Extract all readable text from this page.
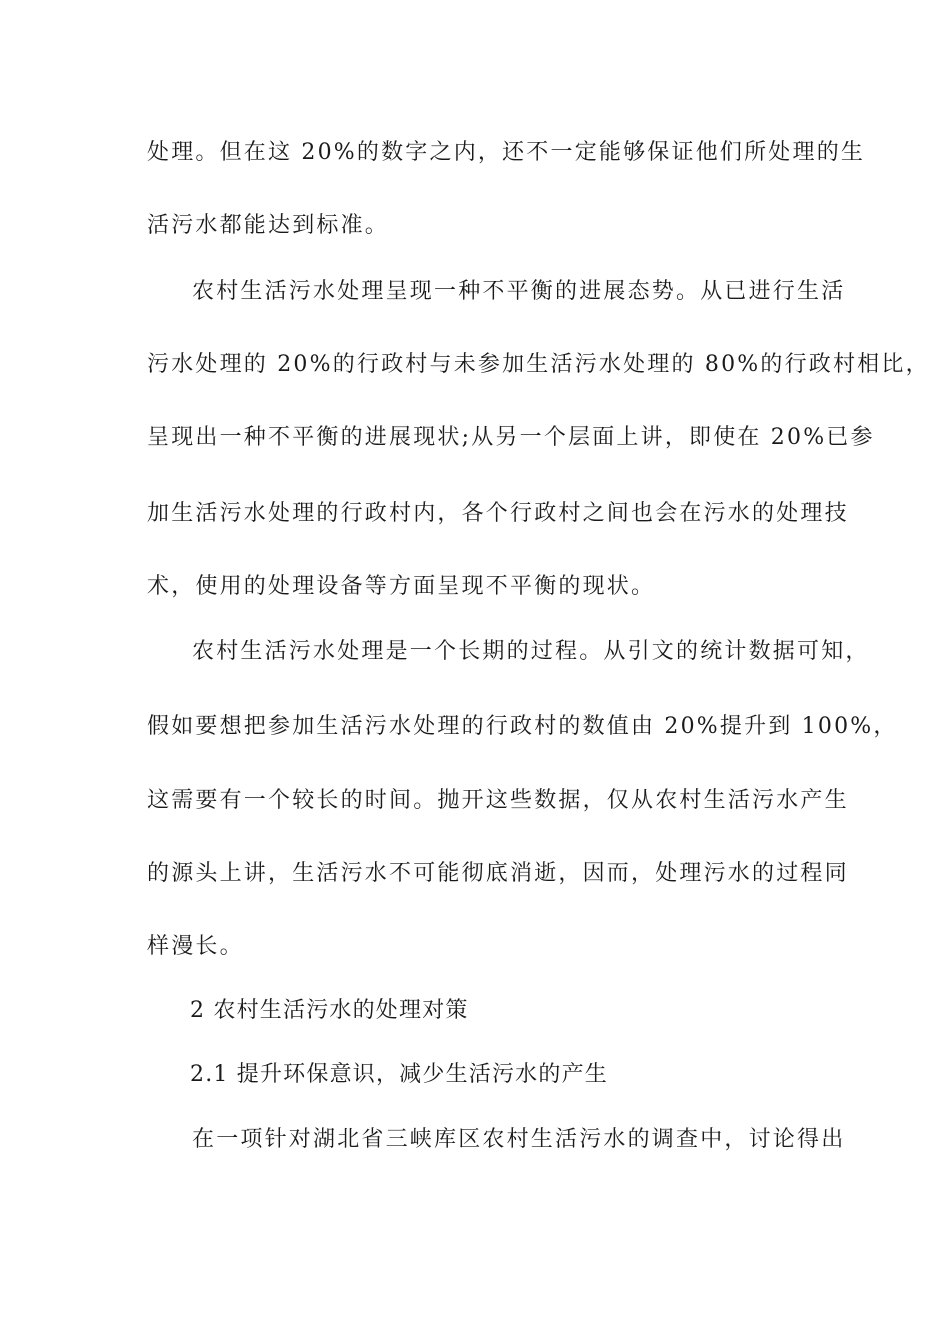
处理。但在这 20%的数字之内，还不一定能够保证他们所处理的生
活污水都能达到标准。
农村生活污水处理呈现一种不平衡的进展态势。从已进行生活
污水处理的 20%的行政村与未参加生活污水处理的 80%的行政村相比，
呈现出一种不平衡的进展现状;从另一个层面上讲，即使在 20%已参
加生活污水处理的行政村内，各个行政村之间也会在污水的处理技
术，使用的处理设备等方面呈现不平衡的现状。
农村生活污水处理是一个长期的过程。从引文的统计数据可知，
假如要想把参加生活污水处理的行政村的数值由 20%提升到 100%，
这需要有一个较长的时间。抛开这些数据，仅从农村生活污水产生
的源头上讲，生活污水不可能彻底消逝，因而，处理污水的过程同
样漫长。
2 农村生活污水的处理对策
2.1 提升环保意识，减少生活污水的产生
在一项针对湖北省三峡库区农村生活污水的调查中，讨论得出
